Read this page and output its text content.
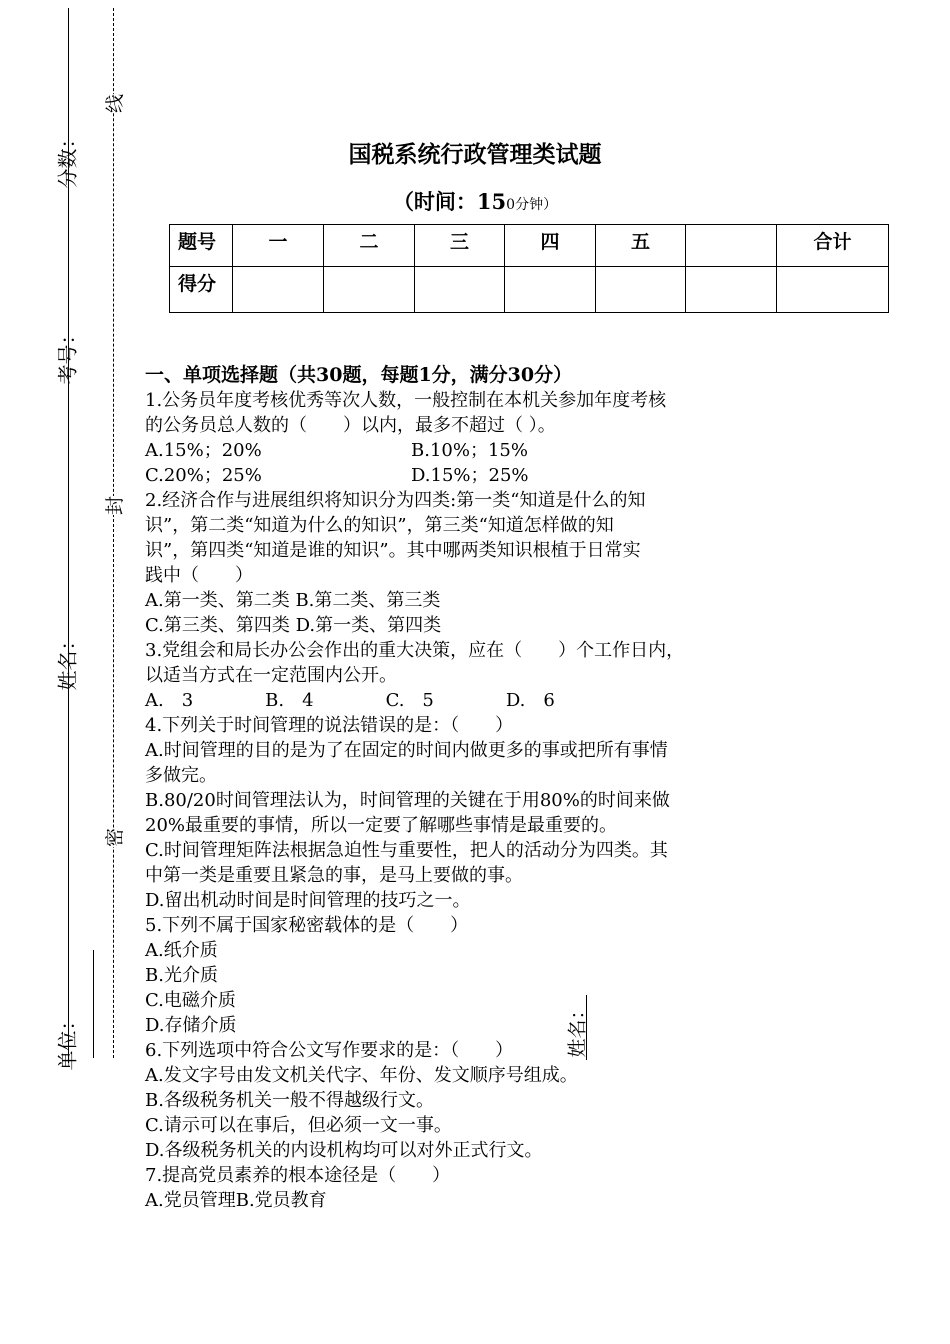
分数：
考号：
姓名：
单位：
线
封
密
姓名：
国税系统行政管理类试题
（时间：150分钟）
题号	一	二	三	四	五		合计
得分							

一、单项选择题（共30题，每题1分，满分30分）

1.公务员年度考核优秀等次人数，一般控制在本机关参加年度考核

的公务员总人数的（　　）以内，最多不超过（ ）。

A.15%；20%	B.10%；15%

C.20%；25%	D.15%；25%

2.经济合作与进展组织将知识分为四类:第一类“知道是什么的知

识”，第二类“知道为什么的知识”，第三类“知道怎样做的知

识”，第四类“知道是谁的知识”。其中哪两类知识根植于日常实

践中（　　）

A.第一类、第二类 B.第二类、第三类

C.第三类、第四类 D.第一类、第四类

3.党组会和局长办公会作出的重大决策，应在（　　）个工作日内，

以适当方式在一定范围内公开。

A.　3　　　　B.　4　　　　C.　5　　　　D.　6

4.下列关于时间管理的说法错误的是：（　　）

A.时间管理的目的是为了在固定的时间内做更多的事或把所有事情

多做完。

B.80/20时间管理法认为，时间管理的关键在于用80%的时间来做

20%最重要的事情，所以一定要了解哪些事情是最重要的。

C.时间管理矩阵法根据急迫性与重要性，把人的活动分为四类。其

中第一类是重要且紧急的事，是马上要做的事。

D.留出机动时间是时间管理的技巧之一。

5.下列不属于国家秘密载体的是（　　）

A.纸介质

B.光介质

C.电磁介质

D.存储介质

6.下列选项中符合公文写作要求的是：（　　）

A.发文字号由发文机关代字、年份、发文顺序号组成。

B.各级税务机关一般不得越级行文。

C.请示可以在事后，但必须一文一事。

D.各级税务机关的内设机构均可以对外正式行文。

7.提高党员素养的根本途径是（　　）

A.党员管理B.党员教育
